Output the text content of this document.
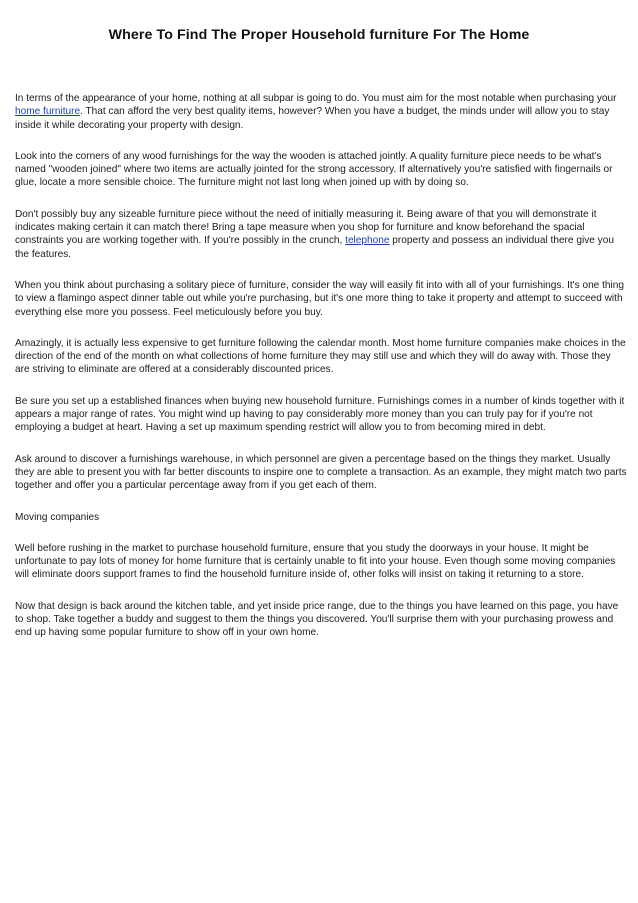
Where To Find The Proper Household furniture For The Home

In terms of the appearance of your home, nothing at all subpar is going to do. You must aim for the most notable when purchasing your home furniture. That can afford the very best quality items, however? When you have a budget, the minds under will allow you to stay inside it while decorating your property with design.

Look into the corners of any wood furnishings for the way the wooden is attached jointly. A quality furniture piece needs to be what's named "wooden joined" where two items are actually jointed for the strong accessory. If alternatively you're satisfied with fingernails or glue, locate a more sensible choice. The furniture might not last long when joined up with by doing so.

Don't possibly buy any sizeable furniture piece without the need of initially measuring it. Being aware of that you will demonstrate it indicates making certain it can match there! Bring a tape measure when you shop for furniture and know beforehand the spacial constraints you are working together with. If you're possibly in the crunch, telephone property and possess an individual there give you the features.

When you think about purchasing a solitary piece of furniture, consider the way will easily fit into with all of your furnishings. It's one thing to view a flamingo aspect dinner table out while you're purchasing, but it's one more thing to take it property and attempt to succeed with everything else more you possess. Feel meticulously before you buy.

Amazingly, it is actually less expensive to get furniture following the calendar month. Most home furniture companies make choices in the direction of the end of the month on what collections of home furniture they may still use and which they will do away with. Those they are striving to eliminate are offered at a considerably discounted prices.

Be sure you set up a established finances when buying new household furniture. Furnishings comes in a number of kinds together with it appears a major range of rates. You might wind up having to pay considerably more money than you can truly pay for if you're not employing a budget at heart. Having a set up maximum spending restrict will allow you to from becoming mired in debt.

Ask around to discover a furnishings warehouse, in which personnel are given a percentage based on the things they market. Usually they are able to present you with far better discounts to inspire one to complete a transaction. As an example, they might match two parts together and offer you a particular percentage away from if you get each of them.

Moving companies

Well before rushing in the market to purchase household furniture, ensure that you study the doorways in your house. It might be unfortunate to pay lots of money for home furniture that is certainly unable to fit into your house. Even though some moving companies will eliminate doors support frames to find the household furniture inside of, other folks will insist on taking it returning to a store.

Now that design is back around the kitchen table, and yet inside price range, due to the things you have learned on this page, you have to shop. Take together a buddy and suggest to them the things you discovered. You'll surprise them with your purchasing prowess and end up having some popular furniture to show off in your own home.
